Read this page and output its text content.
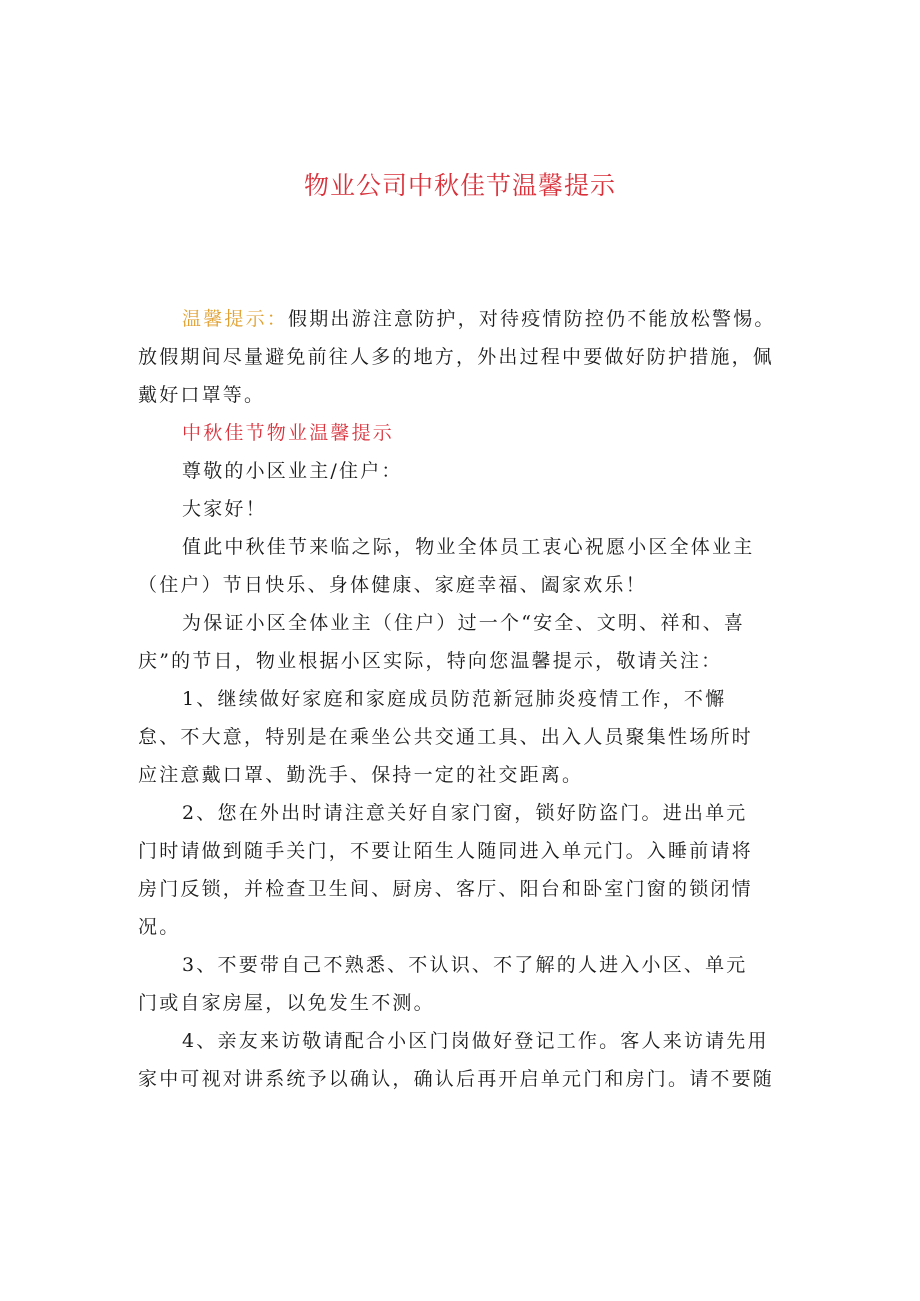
物业公司中秋佳节温馨提示
温馨提示：假期出游注意防护，对待疫情防控仍不能放松警惕。
放假期间尽量避免前往人多的地方，外出过程中要做好防护措施，佩
戴好口罩等。
中秋佳节物业温馨提示
尊敬的小区业主/住户：
大家好！
值此中秋佳节来临之际，物业全体员工衷心祝愿小区全体业主
（住户）节日快乐、身体健康、家庭幸福、阖家欢乐！
为保证小区全体业主（住户）过一个“安全、文明、祥和、喜
庆”的节日，物业根据小区实际，特向您温馨提示，敬请关注：
1、继续做好家庭和家庭成员防范新冠肺炎疫情工作，不懈
怠、不大意，特别是在乘坐公共交通工具、出入人员聚集性场所时
应注意戴口罩、勤洗手、保持一定的社交距离。
2、您在外出时请注意关好自家门窗，锁好防盗门。进出单元
门时请做到随手关门，不要让陌生人随同进入单元门。入睡前请将
房门反锁，并检查卫生间、厨房、客厅、阳台和卧室门窗的锁闭情
况。
3、不要带自己不熟悉、不认识、不了解的人进入小区、单元
门或自家房屋，以免发生不测。
4、亲友来访敬请配合小区门岗做好登记工作。客人来访请先用
家中可视对讲系统予以确认，确认后再开启单元门和房门。请不要随
